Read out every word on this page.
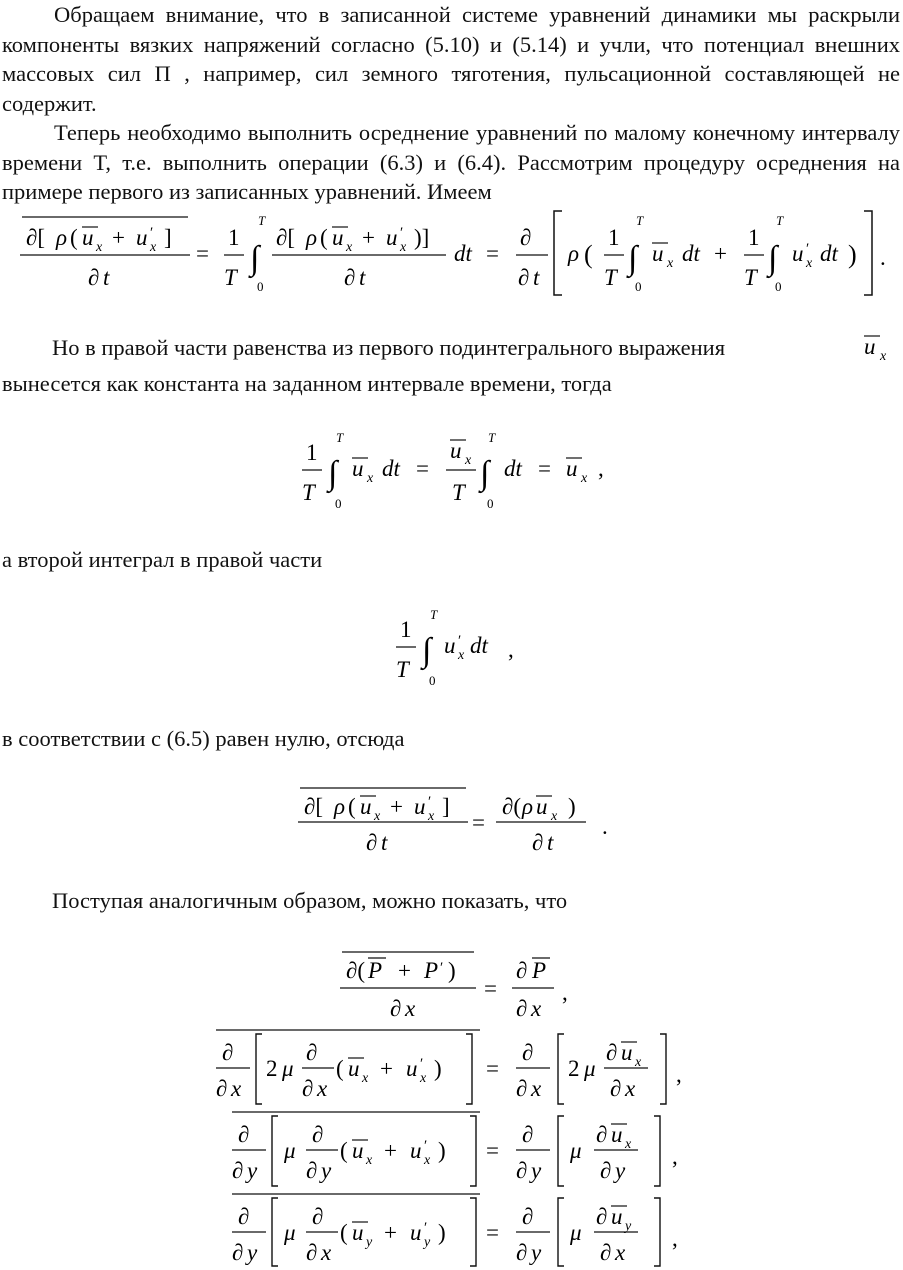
Обращаем внимание, что в записанной системе уравнений динамики мы раскрыли компоненты вязких напряжений согласно (5.10) и (5.14) и учли, что потенциал внешних массовых сил Π , например, сил земного тяготения, пульсационной составляющей не содержит.

Теперь необходимо выполнить осреднение уравнений по малому конечному интервалу времени T, т.е. выполнить операции (6.3) и (6.4). Рассмотрим процедуру осреднения на примере первого из записанных уравнений. Имеем

∂[ ρ ( u x + u ′
x ]
∂ t
=
1
T
∫
T
0
∂[ ρ ( u x + u ′
x )]
∂ t
dt =
∂
∂ t
ρ (
1
T
∫
T
0
u x dt +
1
T
∫
T
0
u ′
x dt ) .
Но в правой части равенства из первого подинтегрального выражения	u x
вынесется как константа на заданном интервале времени, тогда
1
T
∫
T
0
u x dt =
u x
T
∫
T
0
dt = u x ,
а второй интеграл в правой части
1
T
∫
T
0
u ′
x dt ,
в соответствии с (6.5) равен нулю, отсюда
∂[ ρ ( u x + u ′
x ]
∂ t
=
∂( ρ u x )
∂ t
.
Поступая аналогичным образом, можно показать, что
∂( P + P ′ )
∂ x
=
∂ P
∂ x
,
∂
∂ x
2 μ
∂
∂ x
( u x + u ′
x ) =
∂
∂ x
2 μ
∂ u x
∂ x
,
∂
∂ y
μ
∂
∂ y
( u x + u ′
x ) =
∂
∂ y
μ
∂ u x
∂ y
,
∂
∂ y
μ
∂
∂ x
( u y + u ′
y ) =
∂
∂ y
μ
∂ u y
∂ x
,
